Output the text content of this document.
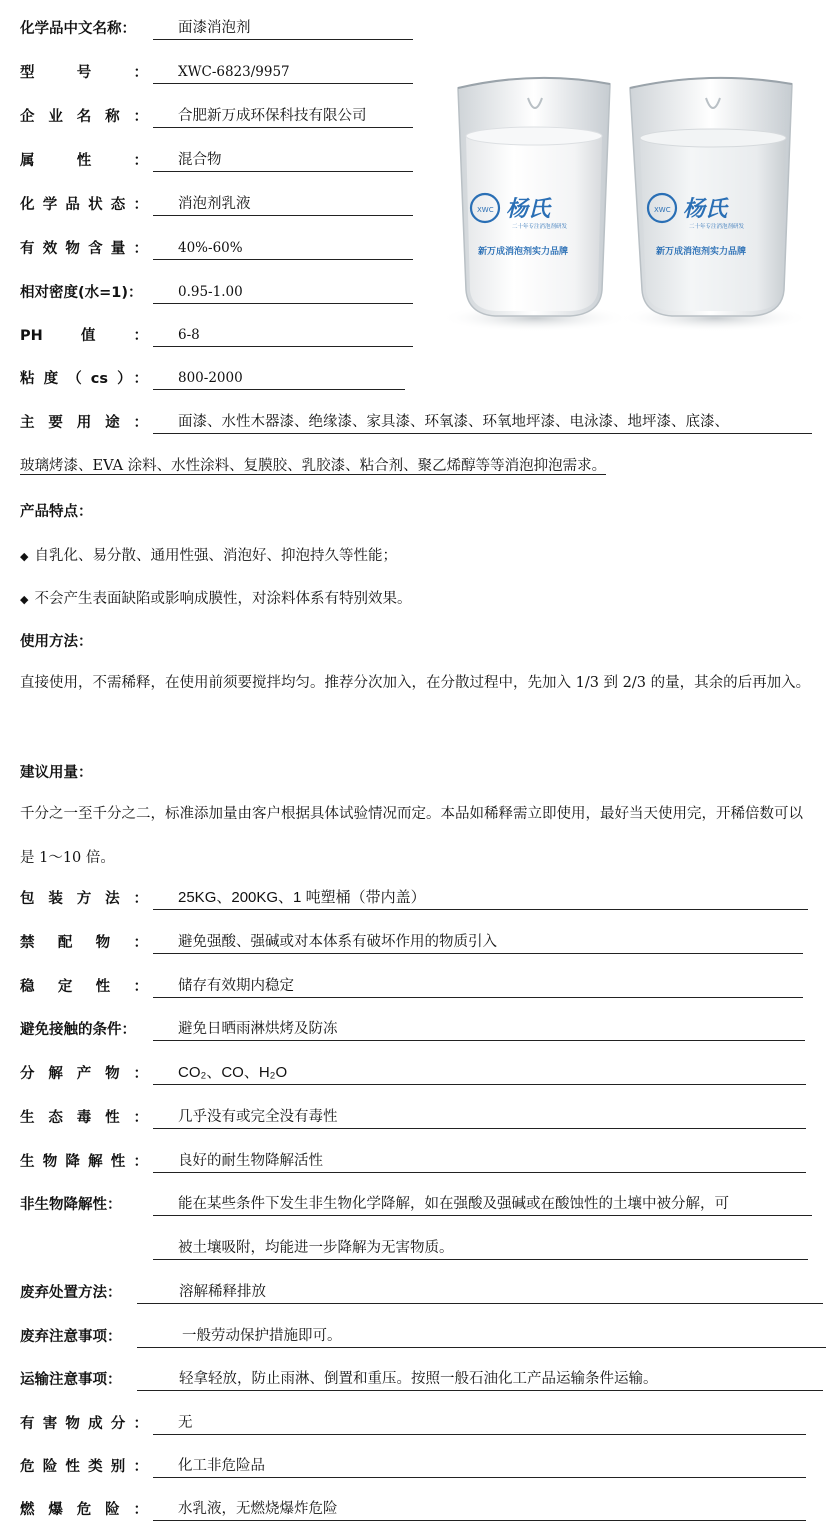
化学品中文名称：	面漆消泡剂
型号：	XWC-6823/9957
企业名称：	合肥新万成环保科技有限公司
属性：	混合物
化学品状态：	消泡剂乳液
有效物含量：	40%-60%
相对密度(水=1)：	0.95-1.00
PH值：	6-8
粘度（cs）：	800-2000
主要用途：	面漆、水性木器漆、绝缘漆、家具漆、环氧漆、环氧地坪漆、电泳漆、地坪漆、底漆、
玻璃烤漆、EVA 涂料、水性涂料、复膜胶、乳胶漆、粘合剂、聚乙烯醇等等消泡抑泡需求。
产品特点：
◆ 自乳化、易分散、通用性强、消泡好、抑泡持久等性能；
◆ 不会产生表面缺陷或影响成膜性，对涂料体系有特别效果。
使用方法：
直接使用，不需稀释，在使用前须要搅拌均匀。推荐分次加入，在分散过程中，先加入 1/3 到 2/3 的量，其余的后再加入。
建议用量：
千分之一至千分之二，标准添加量由客户根据具体试验情况而定。本品如稀释需立即使用，最好当天使用完，开稀倍数可以是 1～10 倍。
包装方法：	25KG、200KG、1 吨塑桶（带内盖）
禁配物：	避免强酸、强碱或对本体系有破坏作用的物质引入
稳定性：	储存有效期内稳定
避免接触的条件：	避免日晒雨淋烘烤及防冻
分解产物：	CO₂、CO、H₂O
生态毒性：	几乎没有或完全没有毒性
生物降解性：	良好的耐生物降解活性
非生物降解性：	能在某些条件下发生非生物化学降解，如在强酸及强碱或在酸蚀性的土壤中被分解，可
被土壤吸附，均能进一步降解为无害物质。
废弃处置方法：	溶解稀释排放
废弃注意事项：	一般劳动保护措施即可。
运输注意事项：	轻拿轻放，防止雨淋、倒置和重压。按照一般石油化工产品运输条件运输。
有害物成分：	无
危险性类别：	化工非危险品
燃爆危险：	水乳液，无燃烧爆炸危险
XWC 杨氏
二十年专注消泡剂研发
新万成消泡剂实力品牌
XWC 杨氏
二十年专注消泡剂研发
新万成消泡剂实力品牌
